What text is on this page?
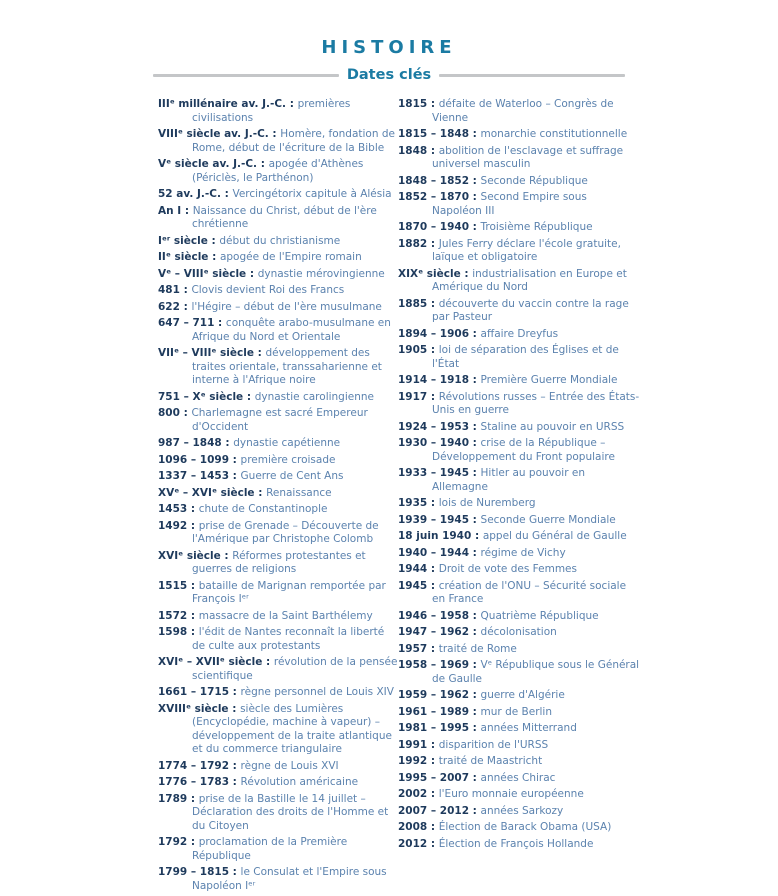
HISTOIRE
Dates clés
IIIᵉ millénaire av. J.-C. : premières civilisations
VIIIᵉ siècle av. J.-C. : Homère, fondation de Rome, début de l'écriture de la Bible
Vᵉ siècle av. J.-C. : apogée d'Athènes (Périclès, le Parthénon)
52 av. J.-C. : Vercingétorix capitule à Alésia
An I : Naissance du Christ, début de l'ère chrétienne
Iᵉʳ siècle : début du christianisme
IIᵉ siècle : apogée de l'Empire romain
Vᵉ – VIIIᵉ siècle : dynastie mérovingienne
481 : Clovis devient Roi des Francs
622 : l'Hégire – début de l'ère musulmane
647 – 711 : conquête arabo-musulmane en Afrique du Nord et Orientale
VIIᵉ – VIIIᵉ siècle : développement des traites orientale, transsaharienne et interne à l'Afrique noire
751 – Xᵉ siècle : dynastie carolingienne
800 : Charlemagne est sacré Empereur d'Occident
987 – 1848 : dynastie capétienne
1096 – 1099 : première croisade
1337 – 1453 : Guerre de Cent Ans
XVᵉ – XVIᵉ siècle : Renaissance
1453 : chute de Constantinople
1492 : prise de Grenade – Découverte de l'Amérique par Christophe Colomb
XVIᵉ siècle : Réformes protestantes et guerres de religions
1515 : bataille de Marignan remportée par François Iᵉʳ
1572 : massacre de la Saint Barthélemy
1598 : l'édit de Nantes reconnaît la liberté de culte aux protestants
XVIᵉ – XVIIᵉ siècle : révolution de la pensée scientifique
1661 – 1715 : règne personnel de Louis XIV
XVIIIᵉ siècle : siècle des Lumières (Encyclopédie, machine à vapeur) – développement de la traite atlantique et du commerce triangulaire
1774 – 1792 : règne de Louis XVI
1776 – 1783 : Révolution américaine
1789 : prise de la Bastille le 14 juillet – Déclaration des droits de l'Homme et du Citoyen
1792 : proclamation de la Première République
1799 – 1815 : le Consulat et l'Empire sous Napoléon Iᵉʳ
1815 : défaite de Waterloo – Congrès de Vienne
1815 – 1848 : monarchie constitutionnelle
1848 : abolition de l'esclavage et suffrage universel masculin
1848 – 1852 : Seconde République
1852 – 1870 : Second Empire sous Napoléon III
1870 – 1940 : Troisième République
1882 : Jules Ferry déclare l'école gratuite, laïque et obligatoire
XIXᵉ siècle : industrialisation en Europe et Amérique du Nord
1885 : découverte du vaccin contre la rage par Pasteur
1894 – 1906 : affaire Dreyfus
1905 : loi de séparation des Églises et de l'État
1914 – 1918 : Première Guerre Mondiale
1917 : Révolutions russes – Entrée des États-Unis en guerre
1924 – 1953 : Staline au pouvoir en URSS
1930 – 1940 : crise de la République – Développement du Front populaire
1933 – 1945 : Hitler au pouvoir en Allemagne
1935 : lois de Nuremberg
1939 – 1945 : Seconde Guerre Mondiale
18 juin 1940 : appel du Général de Gaulle
1940 – 1944 : régime de Vichy
1944 : Droit de vote des Femmes
1945 : création de l'ONU – Sécurité sociale en France
1946 – 1958 : Quatrième République
1947 – 1962 : décolonisation
1957 : traité de Rome
1958 – 1969 : Vᵉ République sous le Général de Gaulle
1959 – 1962 : guerre d'Algérie
1961 – 1989 : mur de Berlin
1981 – 1995 : années Mitterrand
1991 : disparition de l'URSS
1992 : traité de Maastricht
1995 – 2007 : années Chirac
2002 : l'Euro monnaie européenne
2007 – 2012 : années Sarkozy
2008 : Élection de Barack Obama (USA)
2012 : Élection de François Hollande
